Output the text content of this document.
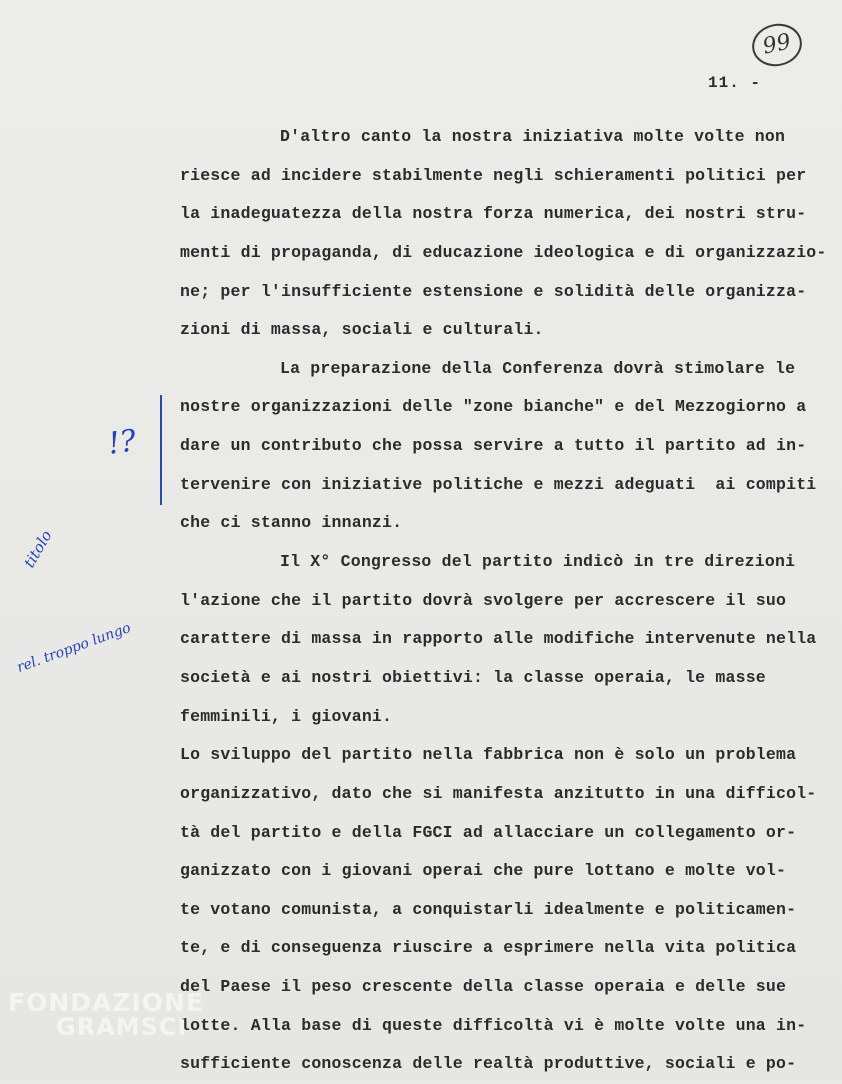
99
11. -
!?
titolo
rel. troppo lungo
D'altro canto la nostra iniziativa molte volte non
riesce ad incidere stabilmente negli schieramenti politici per
la inadeguatezza della nostra forza numerica, dei nostri stru-
menti di propaganda, di educazione ideologica e di organizzazio-
ne; per l'insufficiente estensione e solidità delle organizza-
zioni di massa, sociali e culturali.
La preparazione della Conferenza dovrà stimolare le
nostre organizzazioni delle "zone bianche" e del Mezzogiorno a
dare un contributo che possa servire a tutto il partito ad in-
tervenire con iniziative politiche e mezzi adeguati  ai compiti
che ci stanno innanzi.
Il X° Congresso del partito indicò in tre direzioni
l'azione che il partito dovrà svolgere per accrescere il suo
carattere di massa in rapporto alle modifiche intervenute nella
società e ai nostri obiettivi: la classe operaia, le masse
femminili, i giovani.
Lo sviluppo del partito nella fabbrica non è solo un problema
organizzativo, dato che si manifesta anzitutto in una difficol-
tà del partito e della FGCI ad allacciare un collegamento or-
ganizzato con i giovani operai che pure lottano e molte vol-
te votano comunista, a conquistarli idealmente e politicamen-
te, e di conseguenza riuscire a esprimere nella vita politica
del Paese il peso crescente della classe operaia e delle sue
lotte. Alla base di queste difficoltà vi è molte volte una in-
sufficiente conoscenza delle realtà produttive, sociali e po-
FONDAZIONE
GRAMSCI
